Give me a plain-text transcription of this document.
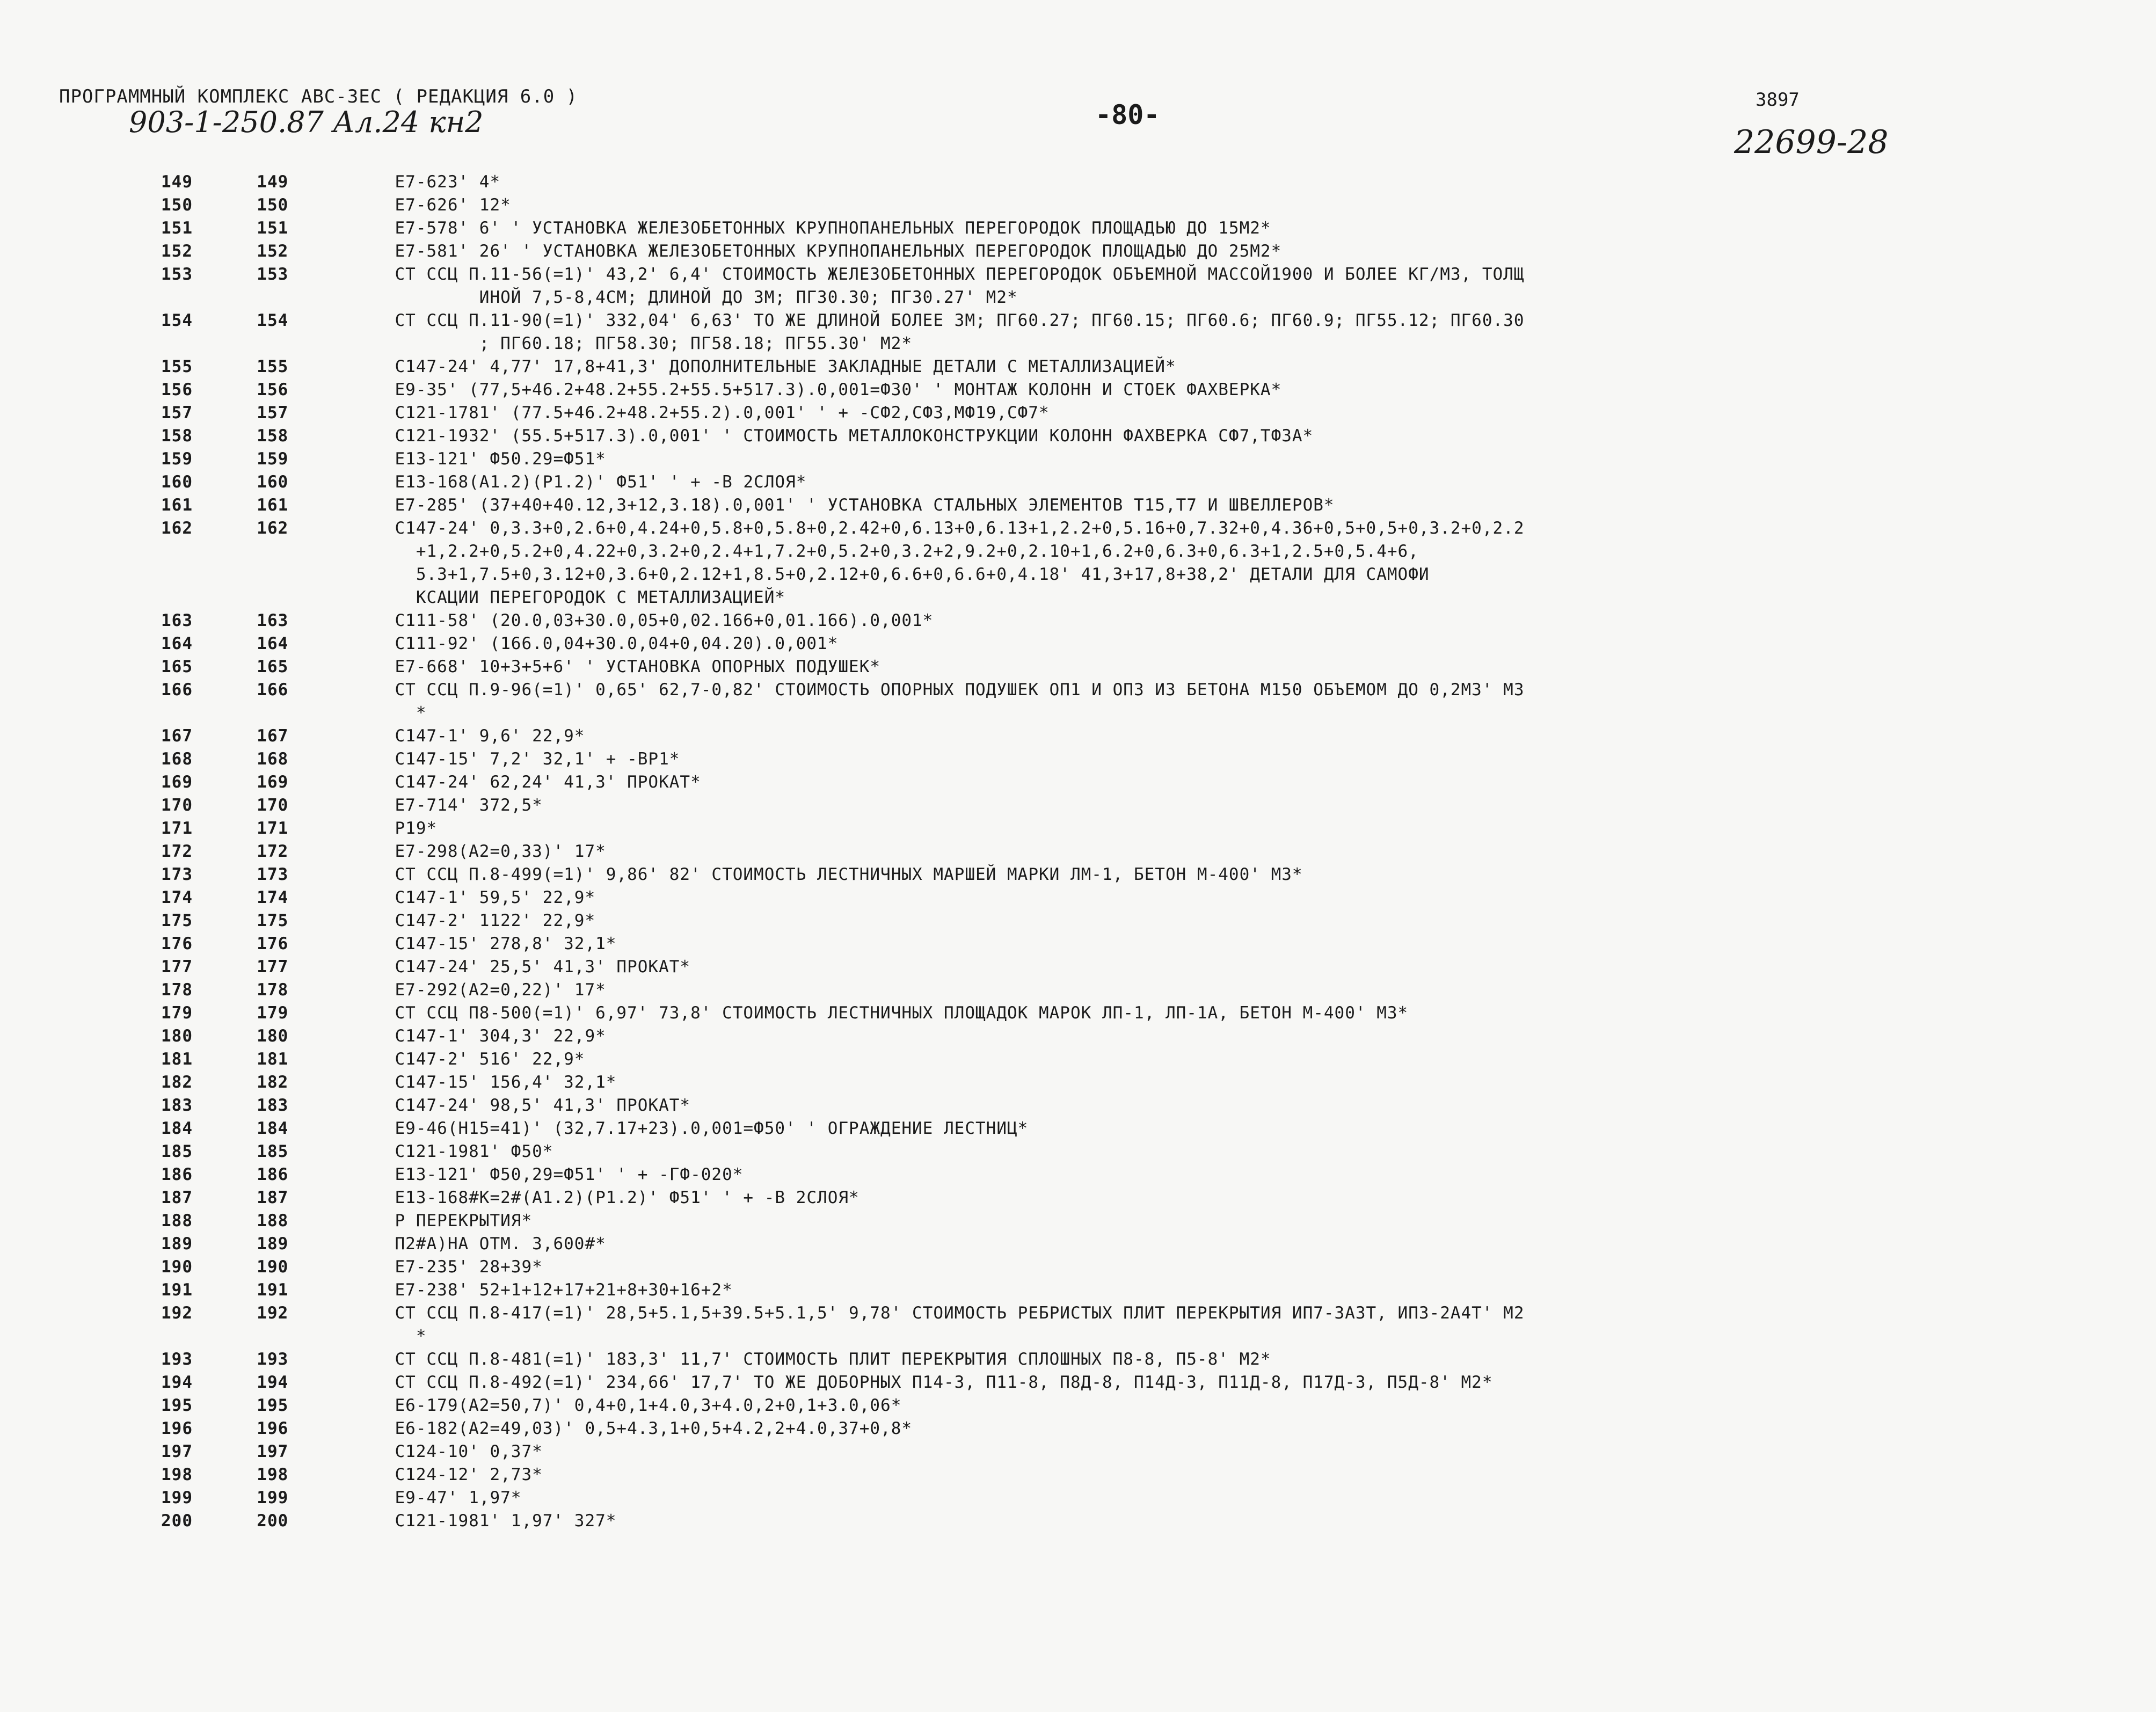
ПРОГРАММНЫЙ КОМПЛЕКС АВС-ЗЕС ( РЕДАКЦИЯ 6.0 )
903-1-250.87 Ал.24 кн2	-80-	3897
22699-28
149	149	E7-623' 4*
150	150	E7-626' 12*
151	151	E7-578' 6' ' УСТАНОВКА ЖЕЛЕЗОБЕТОННЫХ КРУПНОПАНЕЛЬНЫХ ПЕРЕГОРОДОК ПЛОЩАДЬЮ ДО 15М2*
152	152	E7-581' 26' ' УСТАНОВКА ЖЕЛЕЗОБЕТОННЫХ КРУПНОПАНЕЛЬНЫХ ПЕРЕГОРОДОК ПЛОЩАДЬЮ ДО 25М2*
153	153	СТ ССЦ П.11-56(=1)' 43,2' 6,4' СТОИМОСТЬ ЖЕЛЕЗОБЕТОННЫХ ПЕРЕГОРОДОК ОБЪЕМНОЙ МАССОЙ1900 И БОЛЕЕ КГ/М3, ТОЛЩ
ИНОЙ 7,5-8,4СМ; ДЛИНОЙ ДО 3М; ПГ30.30; ПГ30.27' М2*
154	154	СТ ССЦ П.11-90(=1)' 332,04' 6,63' ТО ЖЕ ДЛИНОЙ БОЛЕЕ 3М; ПГ60.27; ПГ60.15; ПГ60.6; ПГ60.9; ПГ55.12; ПГ60.30
; ПГ60.18; ПГ58.30; ПГ58.18; ПГ55.30' М2*
155	155	С147-24' 4,77' 17,8+41,3' ДОПОЛНИТЕЛЬНЫЕ ЗАКЛАДНЫЕ ДЕТАЛИ С МЕТАЛЛИЗАЦИЕЙ*
156	156	E9-35' (77,5+46.2+48.2+55.2+55.5+517.3).0,001=Ф30' ' МОНТАЖ КОЛОНН И СТОЕК ФАХВЕРКА*
157	157	С121-1781' (77.5+46.2+48.2+55.2).0,001' ' + -СФ2,СФ3,МФ19,СФ7*
158	158	С121-1932' (55.5+517.3).0,001' ' СТОИМОСТЬ МЕТАЛЛОКОНСТРУКЦИИ КОЛОНН ФАХВЕРКА СФ7,ТФ3А*
159	159	E13-121' Ф50.29=Ф51*
160	160	E13-168(A1.2)(P1.2)' Ф51' ' + -В 2СЛОЯ*
161	161	E7-285' (37+40+40.12,3+12,3.18).0,001' ' УСТАНОВКА СТАЛЬНЫХ ЭЛЕМЕНТОВ Т15,Т7 И ШВЕЛЛЕРОВ*
162	162	С147-24' 0,3.3+0,2.6+0,4.24+0,5.8+0,5.8+0,2.42+0,6.13+0,6.13+1,2.2+0,5.16+0,7.32+0,4.36+0,5+0,5+0,3.2+0,2.2
+1,2.2+0,5.2+0,4.22+0,3.2+0,2.4+1,7.2+0,5.2+0,3.2+2,9.2+0,2.10+1,6.2+0,6.3+0,6.3+1,2.5+0,5.4+6,
5.3+1,7.5+0,3.12+0,3.6+0,2.12+1,8.5+0,2.12+0,6.6+0,6.6+0,4.18' 41,3+17,8+38,2' ДЕТАЛИ ДЛЯ САМОФИ
КСАЦИИ ПЕРЕГОРОДОК С МЕТАЛЛИЗАЦИЕЙ*
163	163	С111-58' (20.0,03+30.0,05+0,02.166+0,01.166).0,001*
164	164	С111-92' (166.0,04+30.0,04+0,04.20).0,001*
165	165	E7-668' 10+3+5+6' ' УСТАНОВКА ОПОРНЫХ ПОДУШЕК*
166	166	СТ ССЦ П.9-96(=1)' 0,65' 62,7-0,82' СТОИМОСТЬ ОПОРНЫХ ПОДУШЕК ОП1 И ОП3 ИЗ БЕТОНА М150 ОБЪЕМОМ ДО 0,2М3' М3
*
167	167	С147-1' 9,6' 22,9*
168	168	С147-15' 7,2' 32,1' + -ВР1*
169	169	С147-24' 62,24' 41,3' ПРОКАТ*
170	170	E7-714' 372,5*
171	171	Р19*
172	172	E7-298(A2=0,33)' 17*
173	173	СТ ССЦ П.8-499(=1)' 9,86' 82' СТОИМОСТЬ ЛЕСТНИЧНЫХ МАРШЕЙ МАРКИ ЛМ-1, БЕТОН М-400' М3*
174	174	С147-1' 59,5' 22,9*
175	175	С147-2' 1122' 22,9*
176	176	С147-15' 278,8' 32,1*
177	177	С147-24' 25,5' 41,3' ПРОКАТ*
178	178	E7-292(A2=0,22)' 17*
179	179	СТ ССЦ П8-500(=1)' 6,97' 73,8' СТОИМОСТЬ ЛЕСТНИЧНЫХ ПЛОЩАДОК МАРОК ЛП-1, ЛП-1А, БЕТОН М-400' М3*
180	180	С147-1' 304,3' 22,9*
181	181	С147-2' 516' 22,9*
182	182	С147-15' 156,4' 32,1*
183	183	С147-24' 98,5' 41,3' ПРОКАТ*
184	184	E9-46(H15=41)' (32,7.17+23).0,001=Ф50' ' ОГРАЖДЕНИЕ ЛЕСТНИЦ*
185	185	С121-1981' Ф50*
186	186	E13-121' Ф50,29=Ф51' ' + -ГФ-020*
187	187	E13-168#K=2#(A1.2)(P1.2)' Ф51' ' + -В 2СЛОЯ*
188	188	Р ПЕРЕКРЫТИЯ*
189	189	П2#А)НА ОТМ. 3,600#*
190	190	E7-235' 28+39*
191	191	E7-238' 52+1+12+17+21+8+30+16+2*
192	192	СТ ССЦ П.8-417(=1)' 28,5+5.1,5+39.5+5.1,5' 9,78' СТОИМОСТЬ РЕБРИСТЫХ ПЛИТ ПЕРЕКРЫТИЯ ИП7-3А3Т, ИП3-2А4Т' М2
*
193	193	СТ ССЦ П.8-481(=1)' 183,3' 11,7' СТОИМОСТЬ ПЛИТ ПЕРЕКРЫТИЯ СПЛОШНЫХ П8-8, П5-8' М2*
194	194	СТ ССЦ П.8-492(=1)' 234,66' 17,7' ТО ЖЕ ДОБОРНЫХ П14-3, П11-8, П8Д-8, П14Д-3, П11Д-8, П17Д-3, П5Д-8' М2*
195	195	E6-179(A2=50,7)' 0,4+0,1+4.0,3+4.0,2+0,1+3.0,06*
196	196	E6-182(A2=49,03)' 0,5+4.3,1+0,5+4.2,2+4.0,37+0,8*
197	197	С124-10' 0,37*
198	198	С124-12' 2,73*
199	199	E9-47' 1,97*
200	200	С121-1981' 1,97' 327*
